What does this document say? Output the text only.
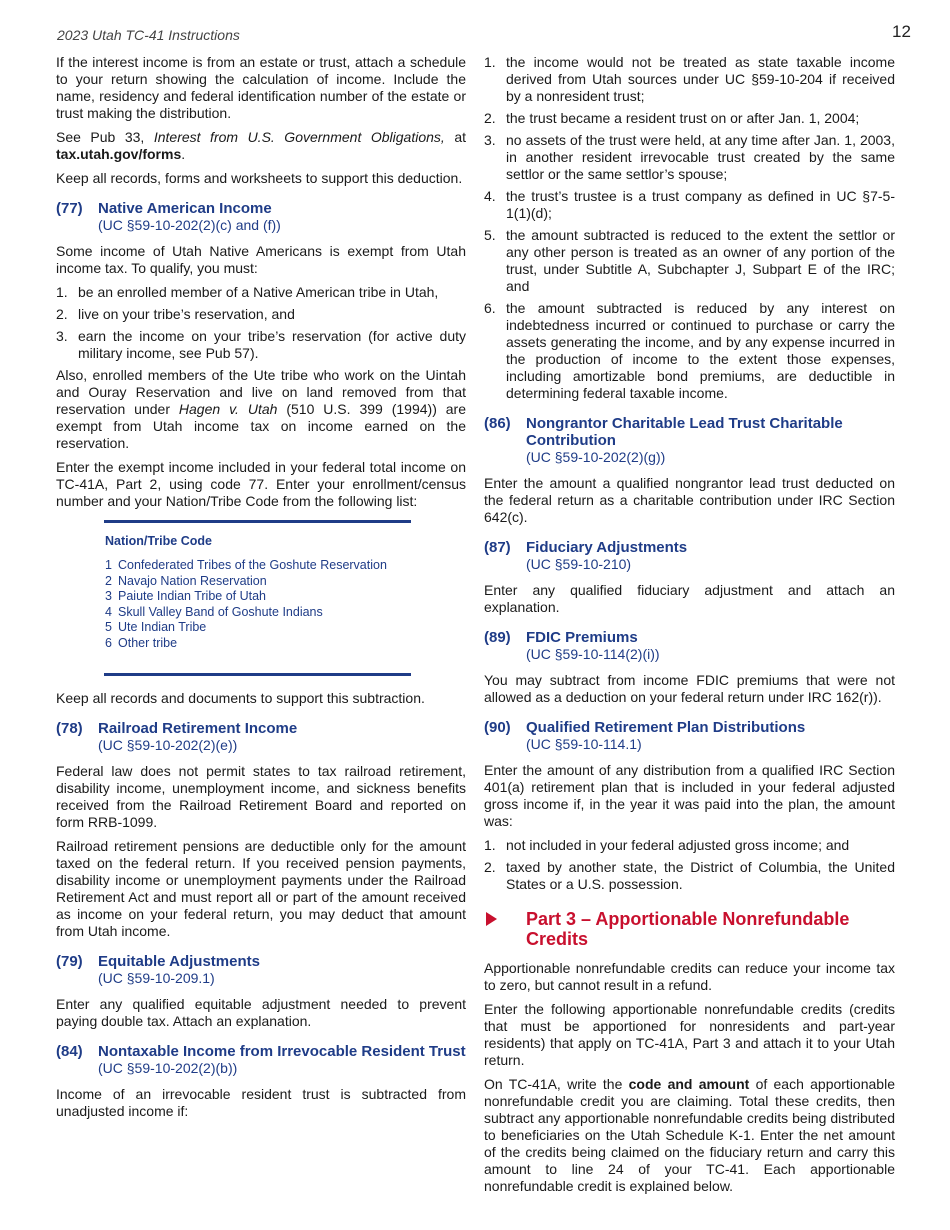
2023 Utah TC-41 Instructions	12

If the interest income is from an estate or trust, attach a schedule to your return showing the calculation of income. Include the name, residency and federal identification number of the estate or trust making the distribution.

See Pub 33, Interest from U.S. Government Obligations, at tax.utah.gov/forms.

Keep all records, forms and worksheets to support this deduction.

(77)	Native American Income
(UC §59-10-202(2)(c) and (f))

Some income of Utah Native Americans is exempt from Utah income tax. To qualify, you must:

1. be an enrolled member of a Native American tribe in Utah,
2. live on your tribe’s reservation, and
3. earn the income on your tribe’s reservation (for active duty military income, see Pub 57).

Also, enrolled members of the Ute tribe who work on the Uintah and Ouray Reservation and live on land removed from that reservation under Hagen v. Utah (510 U.S. 399 (1994)) are exempt from Utah income tax on income earned on the reservation.

Enter the exempt income included in your federal total income on TC-41A, Part 2, using code 77. Enter your enrollment/census number and your Nation/Tribe Code from the following list:

Nation/Tribe Code
1 Confederated Tribes of the Goshute Reservation
2 Navajo Nation Reservation
3 Paiute Indian Tribe of Utah
4 Skull Valley Band of Goshute Indians
5 Ute Indian Tribe
6 Other tribe

Keep all records and documents to support this subtraction.

(78)	Railroad Retirement Income
(UC §59-10-202(2)(e))

Federal law does not permit states to tax railroad retirement, disability income, unemployment income, and sickness benefits received from the Railroad Retirement Board and reported on form RRB-1099.

Railroad retirement pensions are deductible only for the amount taxed on the federal return. If you received pension payments, disability income or unemployment payments under the Railroad Retirement Act and must report all or part of the amount received as income on your federal return, you may deduct that amount from Utah income.

(79)	Equitable Adjustments
(UC §59-10-209.1)

Enter any qualified equitable adjustment needed to prevent paying double tax. Attach an explanation.

(84)	Nontaxable Income from Irrevocable Resident Trust
(UC §59-10-202(2)(b))

Income of an irrevocable resident trust is subtracted from unadjusted income if:

1. the income would not be treated as state taxable income derived from Utah sources under UC §59-10-204 if received by a nonresident trust;
2. the trust became a resident trust on or after Jan. 1, 2004;
3. no assets of the trust were held, at any time after Jan. 1, 2003, in another resident irrevocable trust created by the same settlor or the same settlor’s spouse;
4. the trust’s trustee is a trust company as defined in UC §7-5-1(1)(d);
5. the amount subtracted is reduced to the extent the settlor or any other person is treated as an owner of any portion of the trust, under Subtitle A, Subchapter J, Subpart E of the IRC; and
6. the amount subtracted is reduced by any interest on indebtedness incurred or continued to purchase or carry the assets generating the income, and by any expense incurred in the production of income to the extent those expenses, including amortizable bond premiums, are deductible in determining federal taxable income.
(86)	Nongrantor Charitable Lead Trust Charitable Contribution
(UC §59-10-202(2)(g))

Enter the amount a qualified nongrantor lead trust deducted on the federal return as a charitable contribution under IRC Section 642(c).

(87)	Fiduciary Adjustments
(UC §59-10-210)

Enter any qualified fiduciary adjustment and attach an explanation.

(89)	FDIC Premiums
(UC §59-10-114(2)(i))

You may subtract from income FDIC premiums that were not allowed as a deduction on your federal return under IRC 162(r)).

(90)	Qualified Retirement Plan Distributions
(UC §59-10-114.1)

Enter the amount of any distribution from a qualified IRC Section 401(a) retirement plan that is included in your federal adjusted gross income if, in the year it was paid into the plan, the amount was:

1. not included in your federal adjusted gross income; and
2. taxed by another state, the District of Columbia, the United States or a U.S. possession.
Part 3 – Apportionable Nonrefundable Credits

Apportionable nonrefundable credits can reduce your income tax to zero, but cannot result in a refund.

Enter the following apportionable nonrefundable credits (credits that must be apportioned for nonresidents and part-year residents) that apply on TC-41A, Part 3 and attach it to your Utah return.

On TC-41A, write the code and amount of each apportionable nonrefundable credit you are claiming. Total these credits, then subtract any apportionable nonrefundable credits being distributed to beneficiaries on the Utah Schedule K-1. Enter the net amount of the credits being claimed on the fiduciary return and carry this amount to line 24 of your TC-41. Each apportionable nonrefundable credit is explained below.
